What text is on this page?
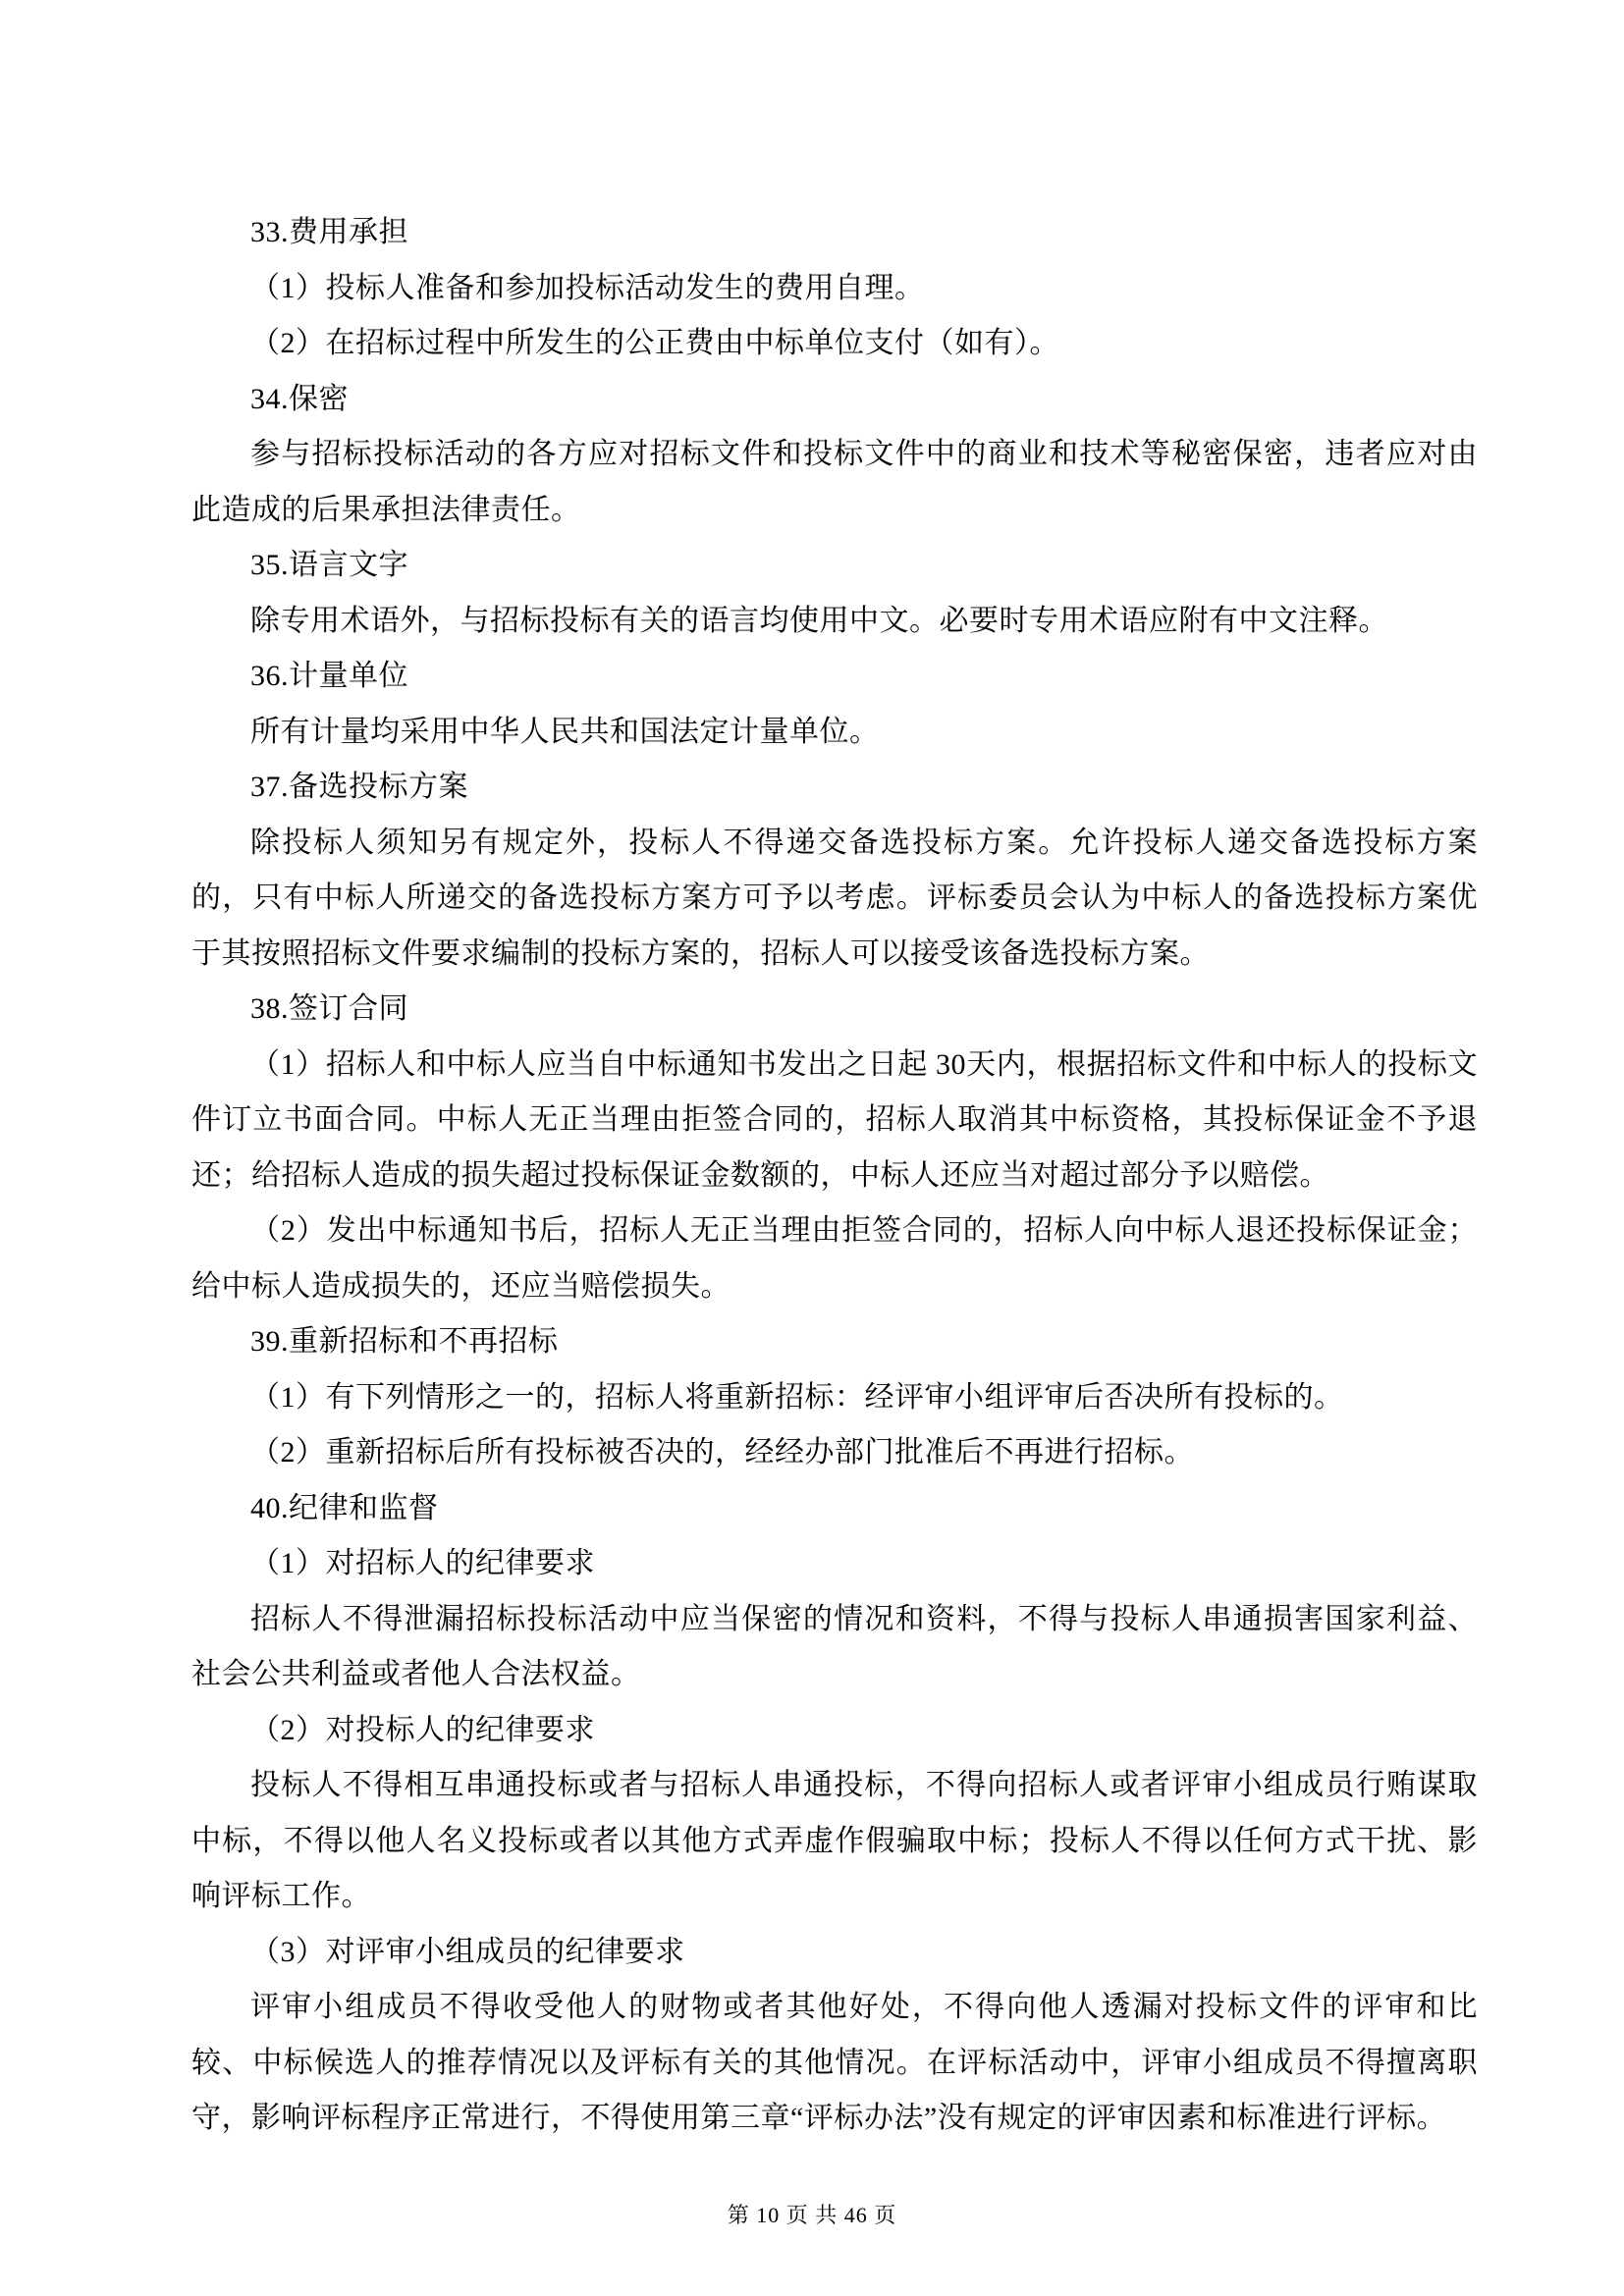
33.费用承担

（1）投标人准备和参加投标活动发生的费用自理。

（2）在招标过程中所发生的公正费由中标单位支付（如有）。

34.保密

参与招标投标活动的各方应对招标文件和投标文件中的商业和技术等秘密保密，违者应对由此造成的后果承担法律责任。

35.语言文字

除专用术语外，与招标投标有关的语言均使用中文。必要时专用术语应附有中文注释。

36.计量单位

所有计量均采用中华人民共和国法定计量单位。

37.备选投标方案

除投标人须知另有规定外，投标人不得递交备选投标方案。允许投标人递交备选投标方案的，只有中标人所递交的备选投标方案方可予以考虑。评标委员会认为中标人的备选投标方案优于其按照招标文件要求编制的投标方案的，招标人可以接受该备选投标方案。

38.签订合同

（1）招标人和中标人应当自中标通知书发出之日起 30天内，根据招标文件和中标人的投标文件订立书面合同。中标人无正当理由拒签合同的，招标人取消其中标资格，其投标保证金不予退还；给招标人造成的损失超过投标保证金数额的，中标人还应当对超过部分予以赔偿。

（2）发出中标通知书后，招标人无正当理由拒签合同的，招标人向中标人退还投标保证金；给中标人造成损失的，还应当赔偿损失。

39.重新招标和不再招标

（1）有下列情形之一的，招标人将重新招标：经评审小组评审后否决所有投标的。

（2）重新招标后所有投标被否决的，经经办部门批准后不再进行招标。

40.纪律和监督

（1）对招标人的纪律要求

招标人不得泄漏招标投标活动中应当保密的情况和资料，不得与投标人串通损害国家利益、社会公共利益或者他人合法权益。

（2）对投标人的纪律要求

投标人不得相互串通投标或者与招标人串通投标，不得向招标人或者评审小组成员行贿谋取中标，不得以他人名义投标或者以其他方式弄虚作假骗取中标；投标人不得以任何方式干扰、影响评标工作。

（3）对评审小组成员的纪律要求

评审小组成员不得收受他人的财物或者其他好处，不得向他人透漏对投标文件的评审和比较、中标候选人的推荐情况以及评标有关的其他情况。在评标活动中，评审小组成员不得擅离职守，影响评标程序正常进行，不得使用第三章“评标办法”没有规定的评审因素和标准进行评标。

第 10 页 共 46 页
